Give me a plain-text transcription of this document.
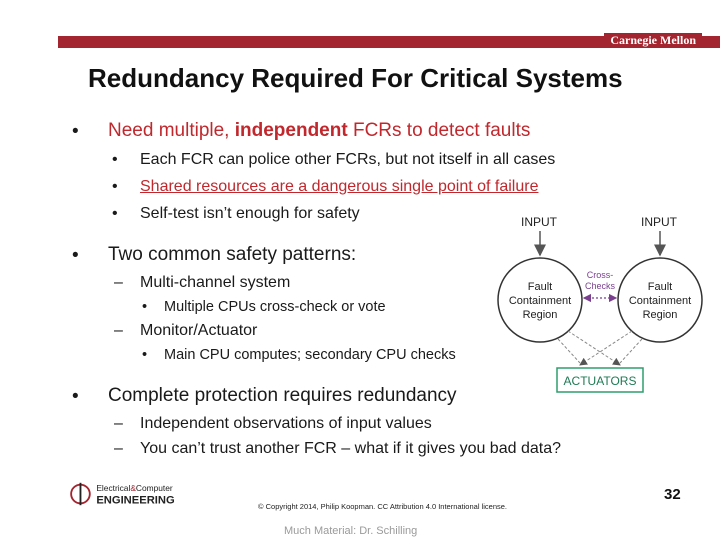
Carnegie Mellon
Redundancy Required For Critical Systems
• Need multiple, independent FCRs to detect faults
• Each FCR can police other FCRs, but not itself in all cases
• Shared resources are a dangerous single point of failure
• Self-test isn’t enough for safety
• Two common safety patterns:
– Multi-channel system
• Multiple CPUs cross-check or vote
– Monitor/Actuator
• Main CPU computes; secondary CPU checks
• Complete protection requires redundancy
– Independent observations of input values
– You can’t trust another FCR – what if it gives you bad data?
INPUT	INPUT
Fault
Containment
Region
Fault
Containment
Region
Cross-
Checks
ACTUATORS
Electrical&Computer
ENGINEERING
© Copyright 2014, Philip Koopman. CC Attribution 4.0 International license.
32
Much Material: Dr. Schilling
